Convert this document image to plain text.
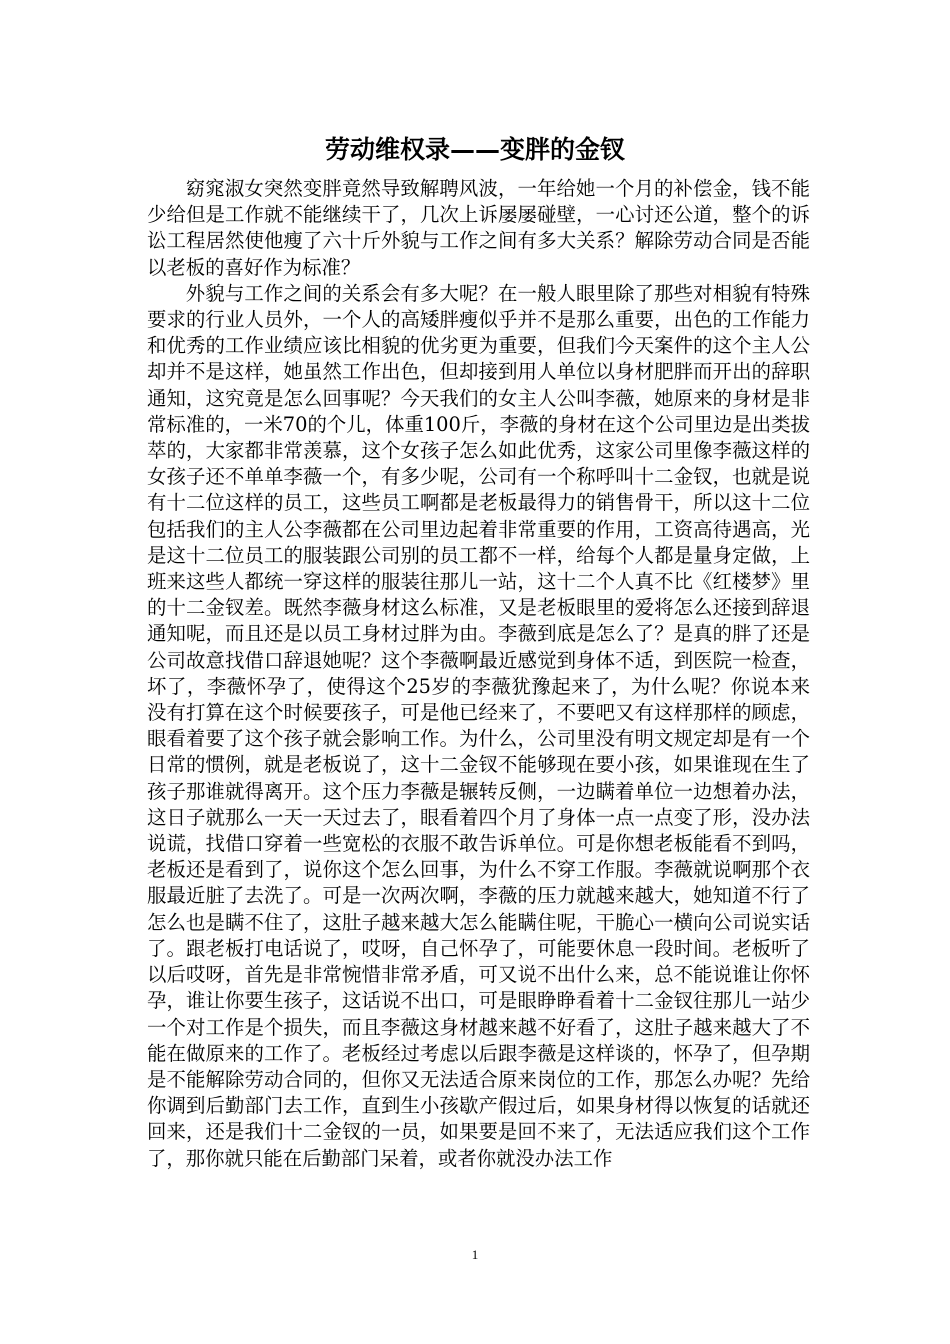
劳动维权录——变胖的金钗

窈窕淑女突然变胖竟然导致解聘风波，一年给她一个月的补偿金，钱不能少给但是工作就不能继续干了，几次上诉屡屡碰壁，一心讨还公道，整个的诉讼工程居然使他瘦了六十斤外貌与工作之间有多大关系？解除劳动合同是否能以老板的喜好作为标准？

外貌与工作之间的关系会有多大呢？在一般人眼里除了那些对相貌有特殊要求的行业人员外，一个人的高矮胖瘦似乎并不是那么重要，出色的工作能力和优秀的工作业绩应该比相貌的优劣更为重要，但我们今天案件的这个主人公却并不是这样，她虽然工作出色，但却接到用人单位以身材肥胖而开出的辞职通知，这究竟是怎么回事呢？今天我们的女主人公叫李薇，她原来的身材是非常标准的，一米70的个儿，体重100斤，李薇的身材在这个公司里边是出类拔萃的，大家都非常羡慕，这个女孩子怎么如此优秀，这家公司里像李薇这样的女孩子还不单单李薇一个，有多少呢，公司有一个称呼叫十二金钗，也就是说有十二位这样的员工，这些员工啊都是老板最得力的销售骨干，所以这十二位包括我们的主人公李薇都在公司里边起着非常重要的作用，工资高待遇高，光是这十二位员工的服装跟公司别的员工都不一样，给每个人都是量身定做，上班来这些人都统一穿这样的服装往那儿一站，这十二个人真不比《红楼梦》里的十二金钗差。既然李薇身材这么标准，又是老板眼里的爱将怎么还接到辞退通知呢，而且还是以员工身材过胖为由。李薇到底是怎么了？是真的胖了还是公司故意找借口辞退她呢？这个李薇啊最近感觉到身体不适，到医院一检查，坏了，李薇怀孕了，使得这个25岁的李薇犹豫起来了，为什么呢？你说本来没有打算在这个时候要孩子，可是他已经来了，不要吧又有这样那样的顾虑，眼看着要了这个孩子就会影响工作。为什么，公司里没有明文规定却是有一个日常的惯例，就是老板说了，这十二金钗不能够现在要小孩，如果谁现在生了孩子那谁就得离开。这个压力李薇是辗转反侧，一边瞒着单位一边想着办法，这日子就那么一天一天过去了，眼看着四个月了身体一点一点变了形，没办法说谎，找借口穿着一些宽松的衣服不敢告诉单位。可是你想老板能看不到吗，老板还是看到了，说你这个怎么回事，为什么不穿工作服。李薇就说啊那个衣服最近脏了去洗了。可是一次两次啊，李薇的压力就越来越大，她知道不行了怎么也是瞒不住了，这肚子越来越大怎么能瞒住呢，干脆心一横向公司说实话了。跟老板打电话说了，哎呀，自己怀孕了，可能要休息一段时间。老板听了以后哎呀，首先是非常惋惜非常矛盾，可又说不出什么来，总不能说谁让你怀孕，谁让你要生孩子，这话说不出口，可是眼睁睁看着十二金钗往那儿一站少一个对工作是个损失，而且李薇这身材越来越不好看了，这肚子越来越大了不能在做原来的工作了。老板经过考虑以后跟李薇是这样谈的，怀孕了，但孕期是不能解除劳动合同的，但你又无法适合原来岗位的工作，那怎么办呢？先给你调到后勤部门去工作，直到生小孩歇产假过后，如果身材得以恢复的话就还回来，还是我们十二金钗的一员，如果要是回不来了，无法适应我们这个工作了，那你就只能在后勤部门呆着，或者你就没办法工作

1
